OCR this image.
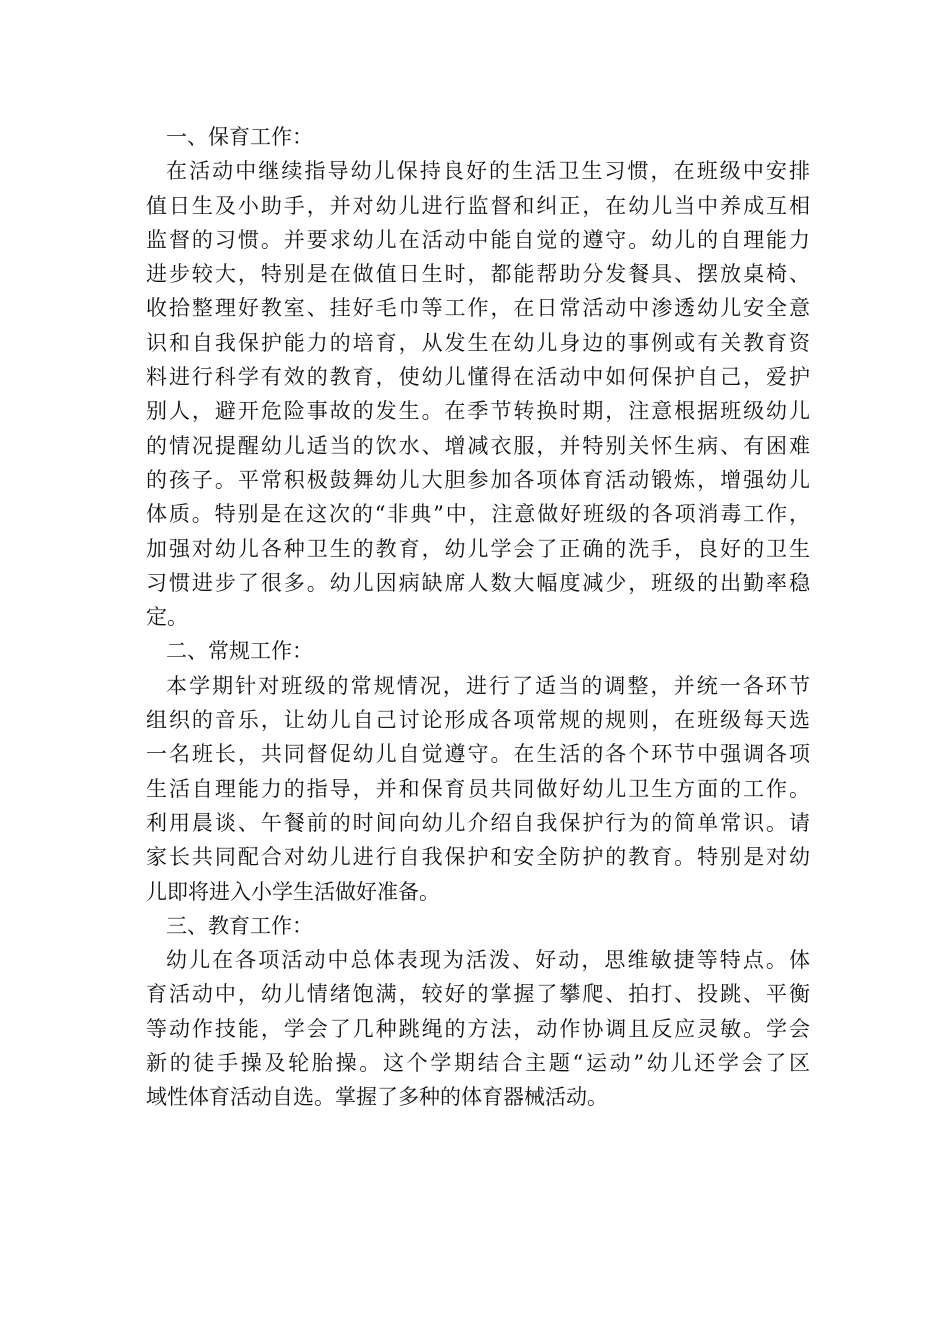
一、保育工作：
在活动中继续指导幼儿保持良好的生活卫生习惯，在班级中安排
值日生及小助手，并对幼儿进行监督和纠正，在幼儿当中养成互相
监督的习惯。并要求幼儿在活动中能自觉的遵守。幼儿的自理能力
进步较大，特别是在做值日生时，都能帮助分发餐具、摆放桌椅、
收拾整理好教室、挂好毛巾等工作，在日常活动中渗透幼儿安全意
识和自我保护能力的培育，从发生在幼儿身边的事例或有关教育资
料进行科学有效的教育，使幼儿懂得在活动中如何保护自己，爱护
别人，避开危险事故的发生。在季节转换时期，注意根据班级幼儿
的情况提醒幼儿适当的饮水、增减衣服，并特别关怀生病、有困难
的孩子。平常积极鼓舞幼儿大胆参加各项体育活动锻炼，增强幼儿
体质。特别是在这次的“非典”中，注意做好班级的各项消毒工作，
加强对幼儿各种卫生的教育，幼儿学会了正确的洗手，良好的卫生
习惯进步了很多。幼儿因病缺席人数大幅度减少，班级的出勤率稳
定。
二、常规工作：
本学期针对班级的常规情况，进行了适当的调整，并统一各环节
组织的音乐，让幼儿自己讨论形成各项常规的规则，在班级每天选
一名班长，共同督促幼儿自觉遵守。在生活的各个环节中强调各项
生活自理能力的指导，并和保育员共同做好幼儿卫生方面的工作。
利用晨谈、午餐前的时间向幼儿介绍自我保护行为的简单常识。请
家长共同配合对幼儿进行自我保护和安全防护的教育。特别是对幼
儿即将进入小学生活做好准备。
三、教育工作：
幼儿在各项活动中总体表现为活泼、好动，思维敏捷等特点。体
育活动中，幼儿情绪饱满，较好的掌握了攀爬、拍打、投跳、平衡
等动作技能，学会了几种跳绳的方法，动作协调且反应灵敏。学会
新的徒手操及轮胎操。这个学期结合主题“运动”幼儿还学会了区
域性体育活动自选。掌握了多种的体育器械活动。
